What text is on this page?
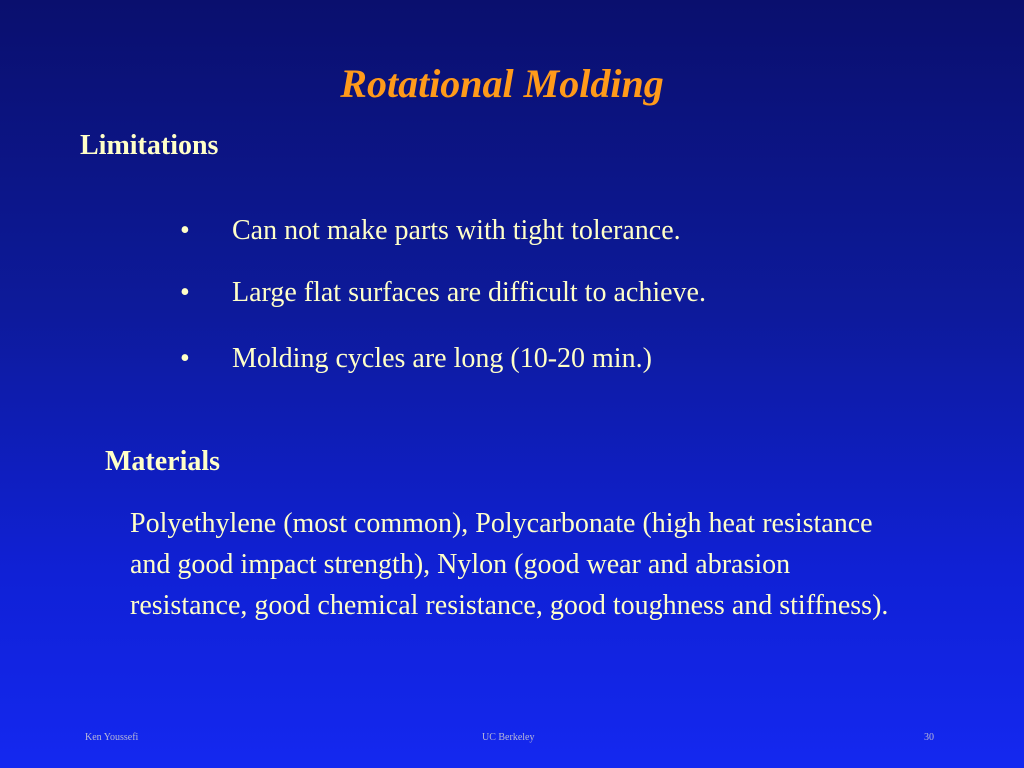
Rotational Molding
Limitations
•	Can not make parts with tight tolerance.
•	Large flat surfaces are difficult to achieve.
•	Molding cycles are long (10-20 min.)
Materials

Polyethylene (most common), Polycarbonate (high heat resistance and good impact strength), Nylon (good wear and abrasion resistance, good chemical resistance, good toughness and stiffness).

Ken Youssefi	UC Berkeley	30
